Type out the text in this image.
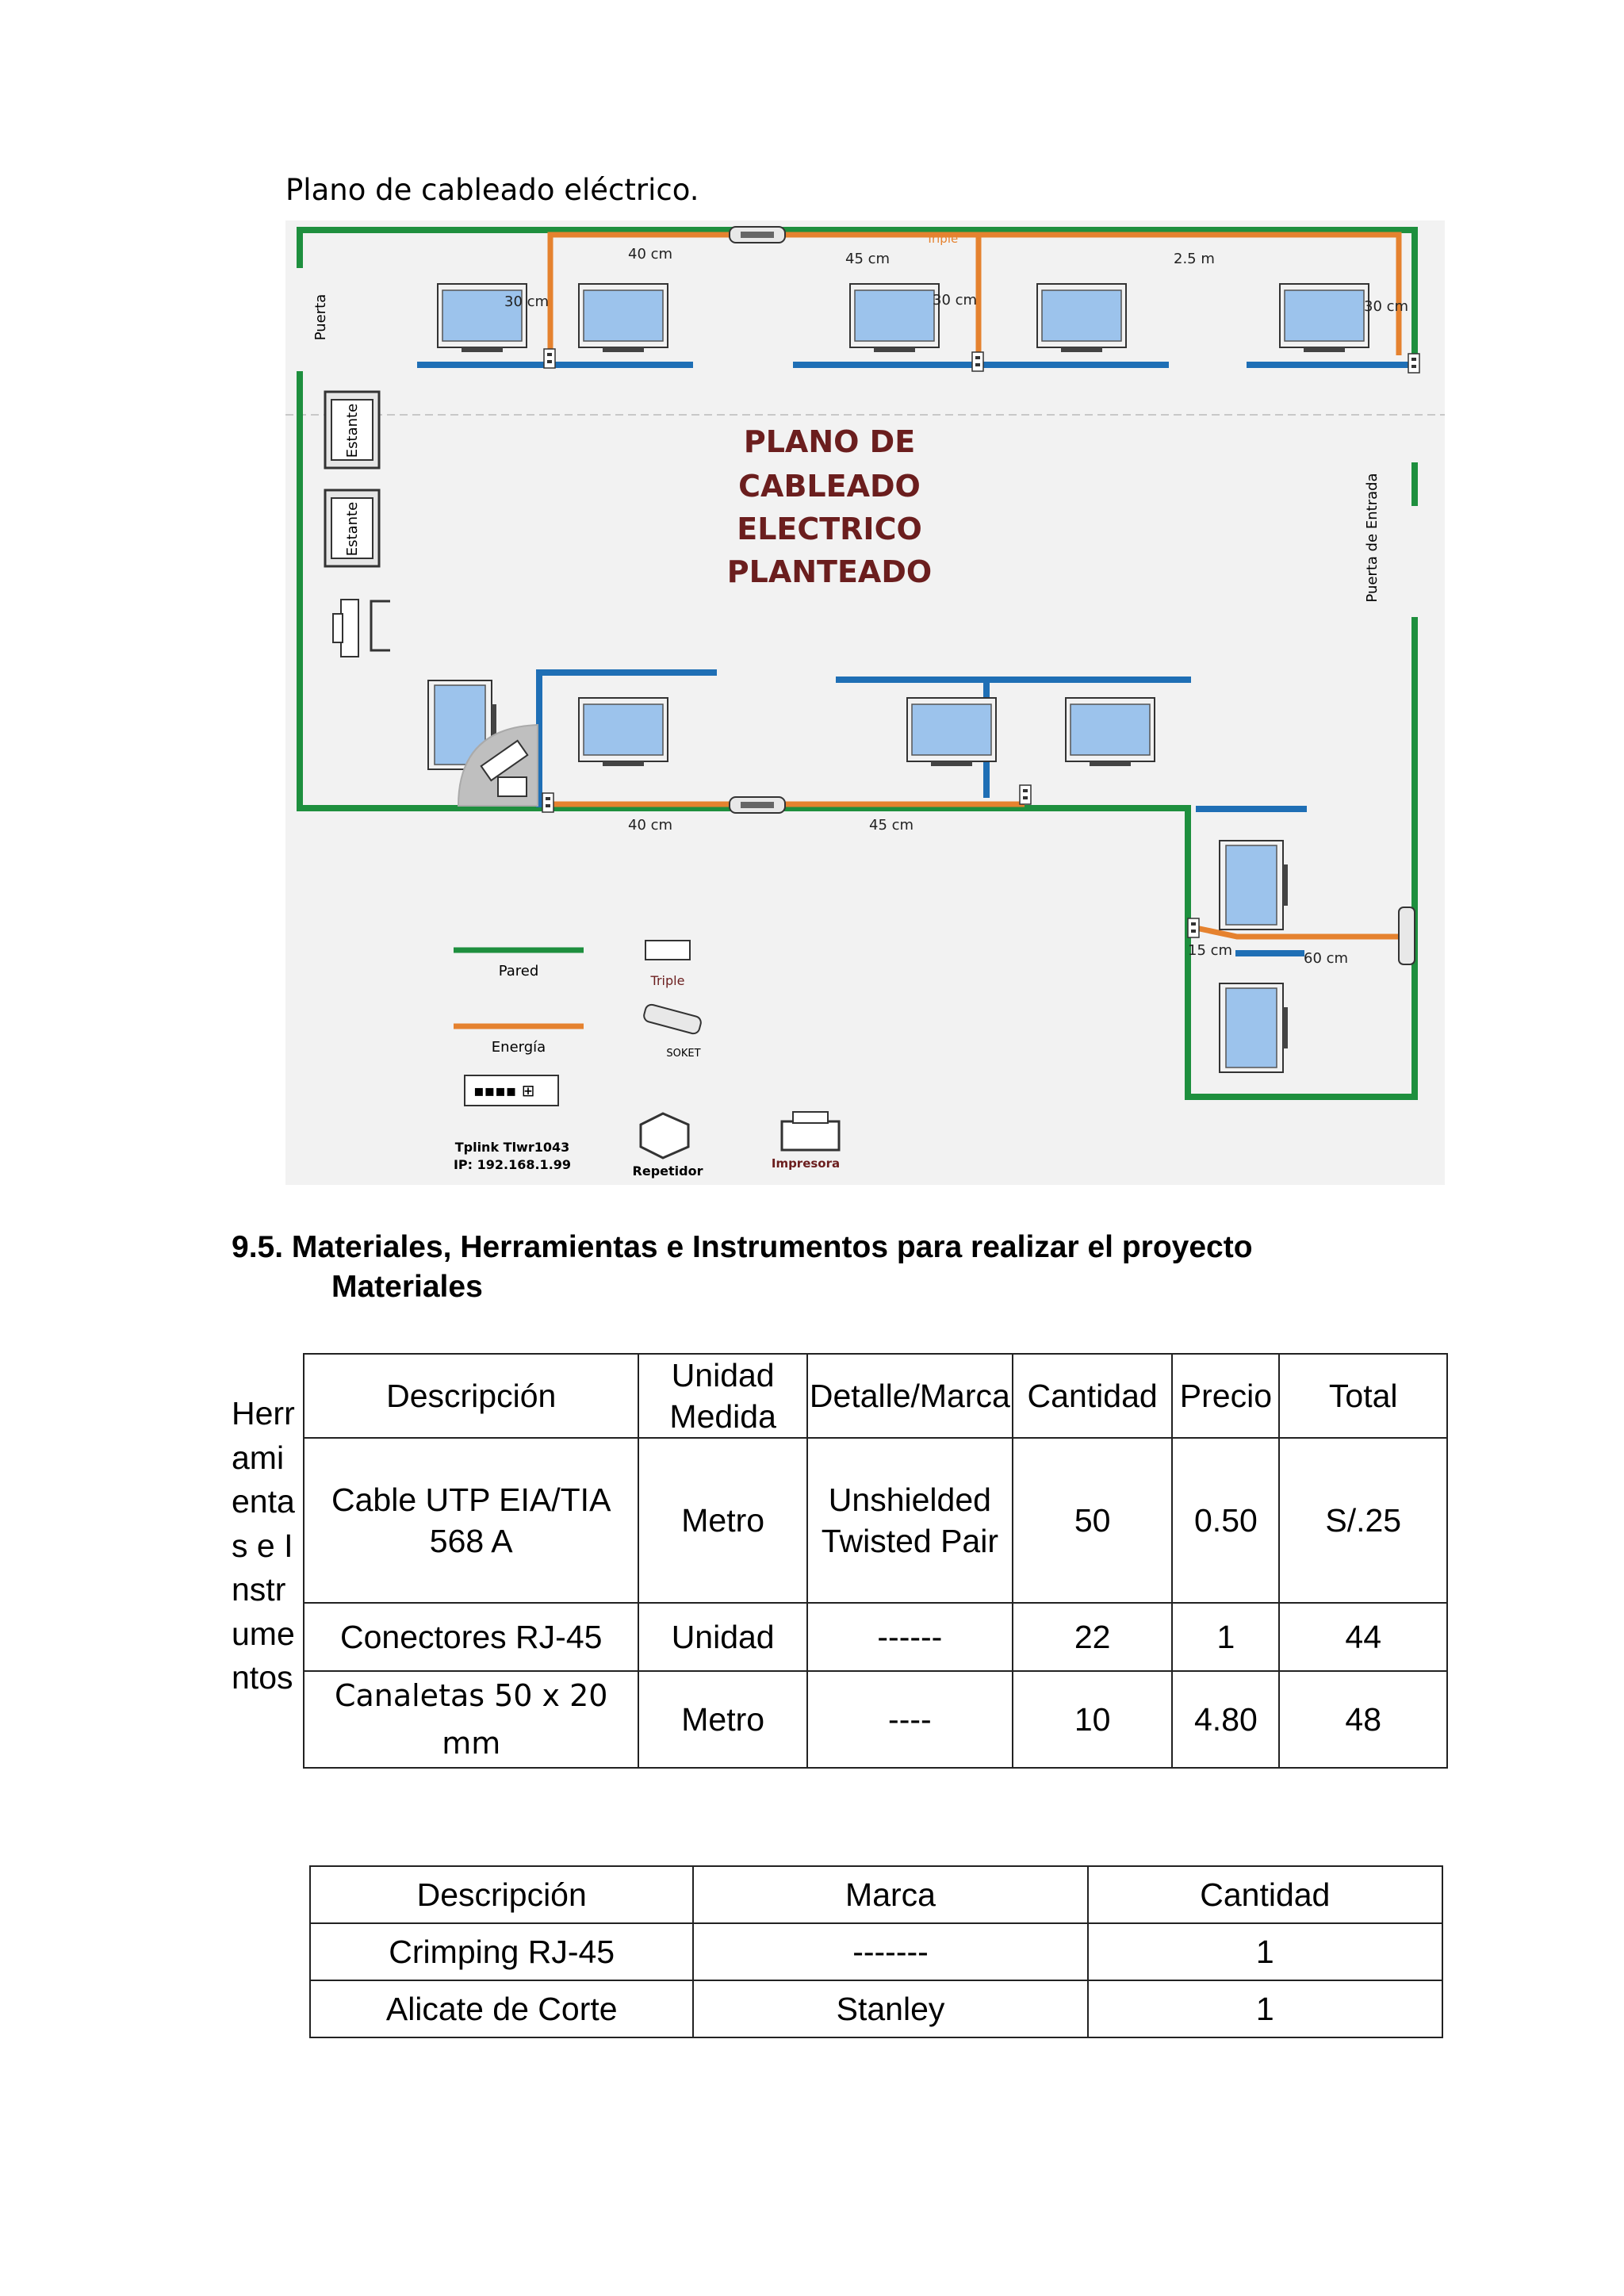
Plano de cableado eléctrico.
Estante
Estante
PLANO DE
CABLEADO
ELECTRICO
PLANTEADO
Puerta
Puerta de Entrada
40 cm	45 cm	2.5 m
30 cm	30 cm	30 cm
Triple
40 cm	45 cm
15 cm	60 cm
Pared
Energía
▪▪▪▪ ⊞
Tplink Tlwr1043
IP: 192.168.1.99
Triple
SOKET
Repetidor	Impresora
9.5. Materiales, Herramientas e Instrumentos para realizar el proyecto
Materiales
Herramientas e Instrumentos
Descripción	Unidad Medida	Detalle/Marca	Cantidad	Precio	Total
Cable UTP EIA/TIA 568 A	Metro	Unshielded Twisted Pair	50	0.50	S/.25
Conectores RJ-45	Unidad	------	22	1	44
Canaletas 50 x 20 mm	Metro	----	10	4.80	48
Descripción	Marca	Cantidad
Crimping RJ-45	-------	1
Alicate de Corte	Stanley	1
